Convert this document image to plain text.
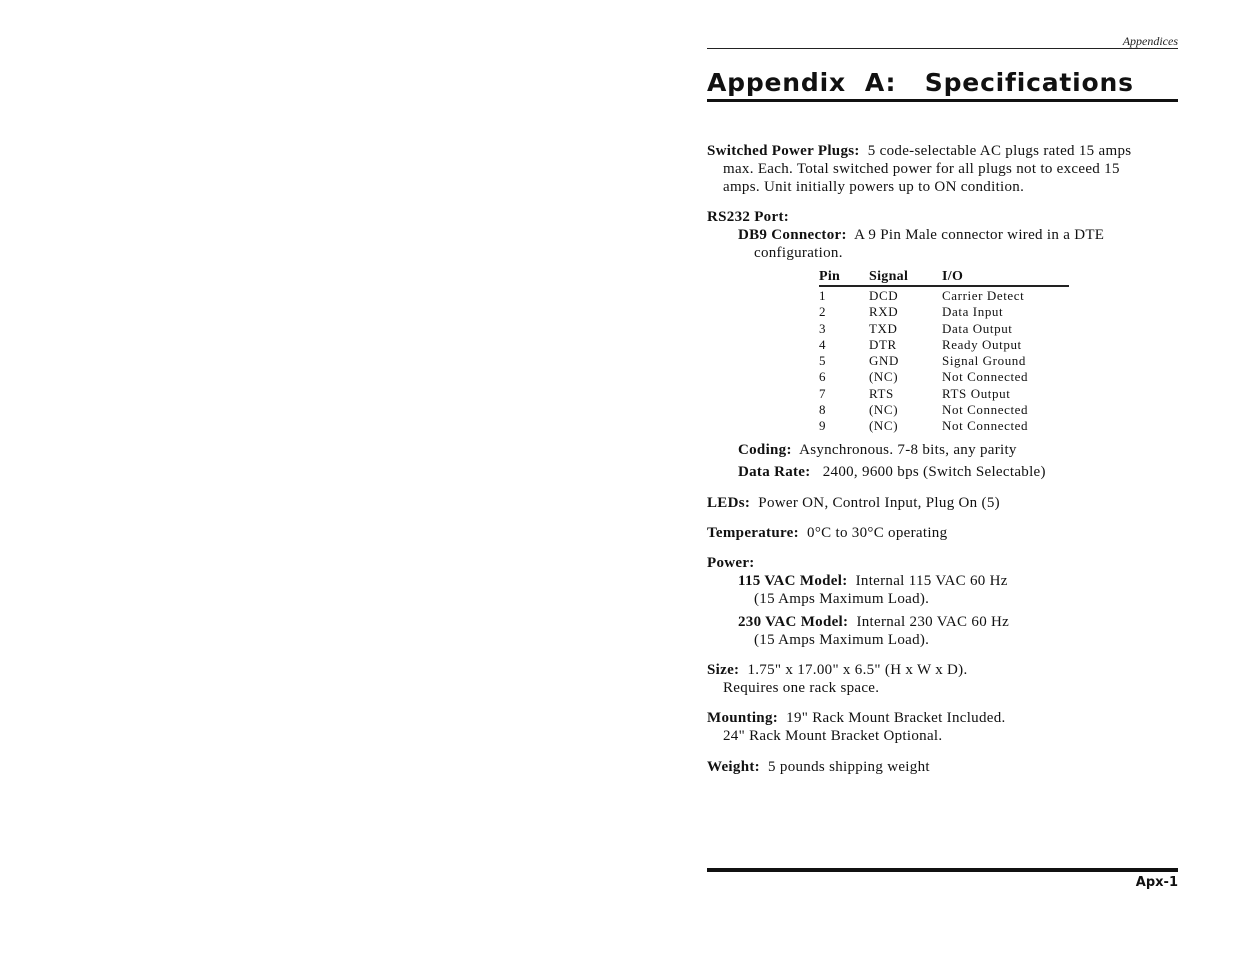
Appendices
Appendix  A:   Specifications
Switched Power Plugs: 5 code-selectable AC plugs rated 15 amps
max. Each. Total switched power for all plugs not to exceed 15
amps. Unit initially powers up to ON condition.
RS232 Port:
DB9 Connector: A 9 Pin Male connector wired in a DTE
configuration.
Pin	Signal	I/O
1	DCD	Carrier Detect
2	RXD	Data Input
3	TXD	Data Output
4	DTR	Ready Output
5	GND	Signal Ground
6	(NC)	Not Connected
7	RTS	RTS Output
8	(NC)	Not Connected
9	(NC)	Not Connected
Coding: Asynchronous. 7-8 bits, any parity
Data Rate: 2400, 9600 bps (Switch Selectable)
LEDs: Power ON, Control Input, Plug On (5)
Temperature: 0°C to 30°C operating
Power:
115 VAC Model: Internal 115 VAC 60 Hz
(15 Amps Maximum Load).
230 VAC Model: Internal 230 VAC 60 Hz
(15 Amps Maximum Load).
Size: 1.75" x 17.00" x 6.5" (H x W x D).
Requires one rack space.
Mounting: 19" Rack Mount Bracket Included.
24" Rack Mount Bracket Optional.
Weight: 5 pounds shipping weight
Apx-1
